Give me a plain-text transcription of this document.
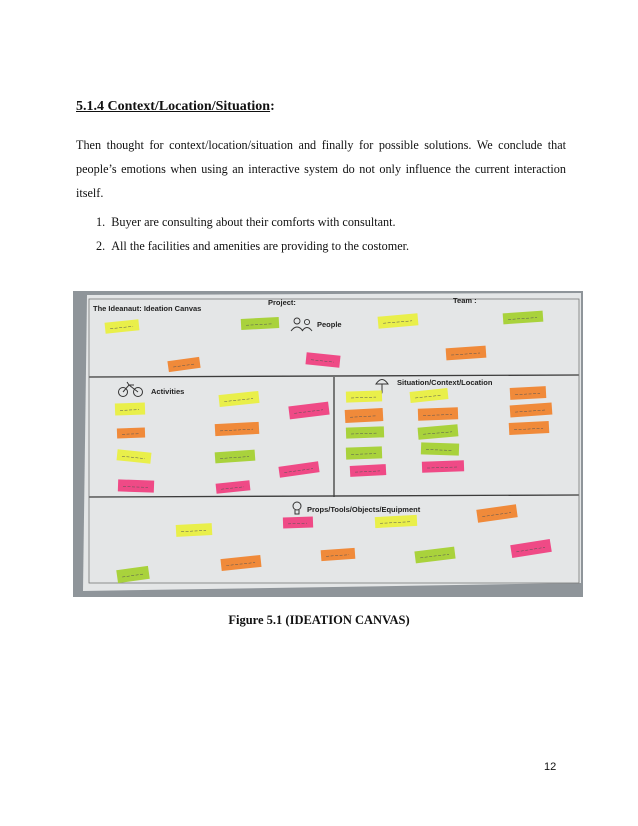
5.1.4 Context/Location/Situation:
Then thought for context/location/situation and finally for possible solutions. We conclude that people’s emotions when using an interactive system do not only influence the current interaction itself.
1. Buyer are consulting about their comforts with consultant.
2. All the facilities and amenities are providing to the costomer.
The Ideanaut: Ideation Canvas
Project:	Team :
People
Activities
Situation/Context/Location
Props/Tools/Objects/Equipment
Figure 5.1 (IDEATION CANVAS)
12
